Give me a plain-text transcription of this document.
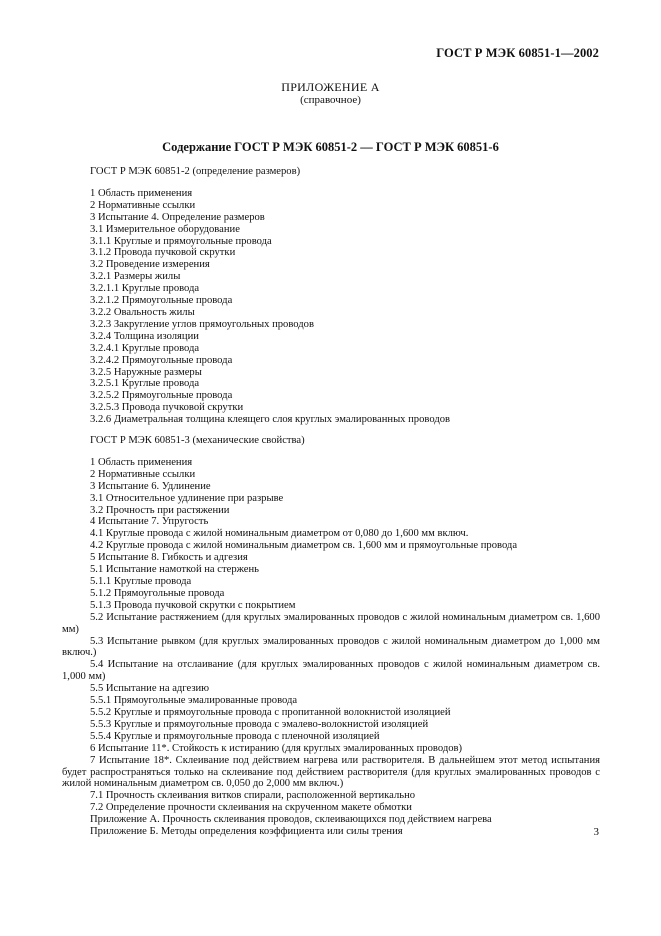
ГОСТ Р МЭК 60851-1—2002
ПРИЛОЖЕНИЕ А
(справочное)
Содержание ГОСТ Р МЭК 60851-2 — ГОСТ Р МЭК 60851-6
ГОСТ Р МЭК 60851-2 (определение размеров)
1 Область применения
2 Нормативные ссылки
3 Испытание 4. Определение размеров
3.1 Измерительное оборудование
3.1.1 Круглые и прямоугольные провода
3.1.2 Провода пучковой скрутки
3.2 Проведение измерения
3.2.1 Размеры жилы
3.2.1.1 Круглые провода
3.2.1.2 Прямоугольные провода
3.2.2 Овальность жилы
3.2.3 Закругление углов прямоугольных проводов
3.2.4 Толщина изоляции
3.2.4.1 Круглые провода
3.2.4.2 Прямоугольные провода
3.2.5 Наружные размеры
3.2.5.1 Круглые провода
3.2.5.2 Прямоугольные провода
3.2.5.3 Провода пучковой скрутки
3.2.6 Диаметральная толщина клеящего слоя круглых эмалированных проводов
ГОСТ Р МЭК 60851-3 (механические свойства)
1 Область применения
2 Нормативные ссылки
3 Испытание 6. Удлинение
3.1 Относительное удлинение при разрыве
3.2 Прочность при растяжении
4 Испытание 7. Упругость
4.1 Круглые провода с жилой номинальным диаметром от 0,080 до 1,600 мм включ.
4.2 Круглые провода с жилой номинальным диаметром св. 1,600 мм и прямоугольные провода
5 Испытание 8. Гибкость и адгезия
5.1 Испытание намоткой на стержень
5.1.1 Круглые провода
5.1.2 Прямоугольные провода
5.1.3 Провода пучковой скрутки с покрытием
5.2 Испытание растяжением (для круглых эмалированных проводов с жилой номинальным диаметром св. 1,600 мм)
5.3 Испытание рывком (для круглых эмалированных проводов с жилой номинальным диаметром до 1,000 мм включ.)
5.4 Испытание на отслаивание (для круглых эмалированных проводов с жилой номинальным диаметром св. 1,000 мм)
5.5 Испытание на адгезию
5.5.1 Прямоугольные эмалированные провода
5.5.2 Круглые и прямоугольные провода с пропитанной волокнистой изоляцией
5.5.3 Круглые и прямоугольные провода с эмалево-волокнистой изоляцией
5.5.4 Круглые и прямоугольные провода с пленочной изоляцией
6 Испытание 11*. Стойкость к истиранию (для круглых эмалированных проводов)
7 Испытание 18*. Склеивание под действием нагрева или растворителя. В дальнейшем этот метод испытания будет распространяться только на склеивание под действием растворителя (для круглых эмалированных проводов с жилой номинальным диаметром св. 0,050 до 2,000 мм включ.)
7.1 Прочность склеивания витков спирали, расположенной вертикально
7.2 Определение прочности склеивания на скрученном макете обмотки
Приложение А. Прочность склеивания проводов, склеивающихся под действием нагрева
Приложение Б. Методы определения коэффициента или силы трения	3
